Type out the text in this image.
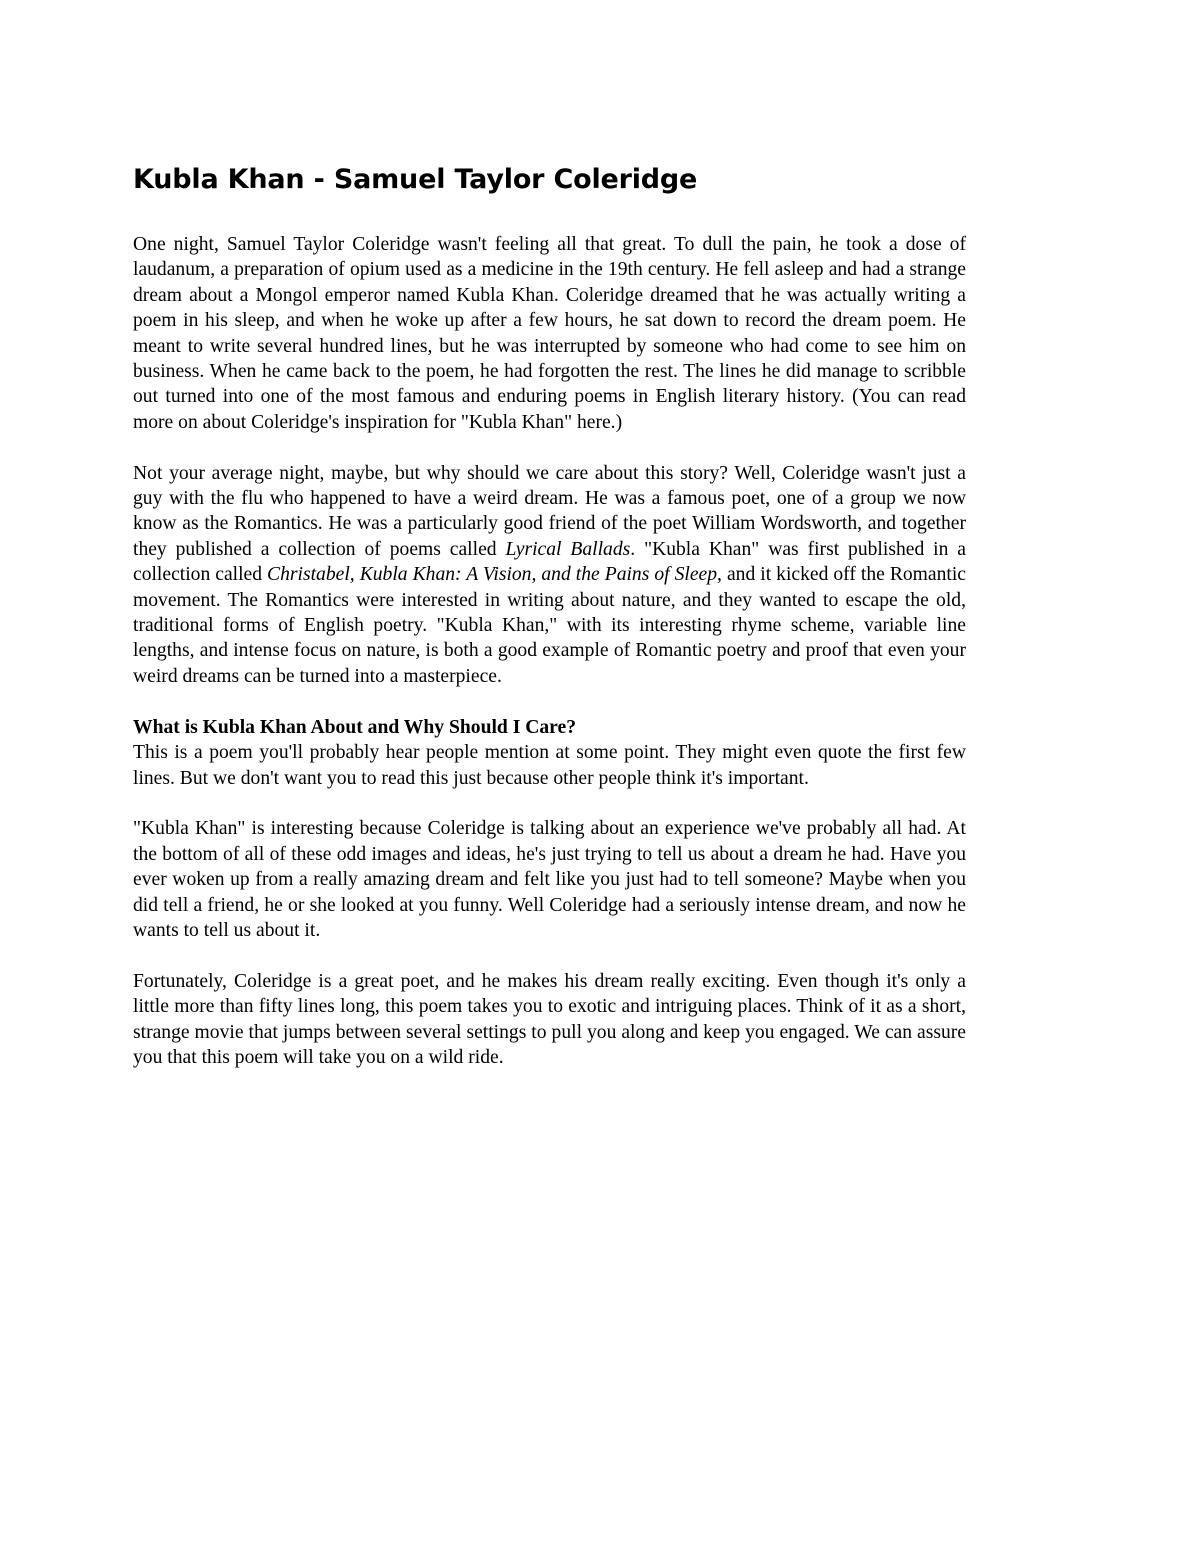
Kubla Khan - Samuel Taylor Coleridge

One night, Samuel Taylor Coleridge wasn't feeling all that great. To dull the pain, he took a dose of laudanum, a preparation of opium used as a medicine in the 19th century. He fell asleep and had a strange dream about a Mongol emperor named Kubla Khan. Coleridge dreamed that he was actually writing a poem in his sleep, and when he woke up after a few hours, he sat down to record the dream poem. He meant to write several hundred lines, but he was interrupted by someone who had come to see him on business. When he came back to the poem, he had forgotten the rest. The lines he did manage to scribble out turned into one of the most famous and enduring poems in English literary history. (You can read more on about Coleridge's inspiration for "Kubla Khan" here.)

Not your average night, maybe, but why should we care about this story? Well, Coleridge wasn't just a guy with the flu who happened to have a weird dream. He was a famous poet, one of a group we now know as the Romantics. He was a particularly good friend of the poet William Wordsworth, and together they published a collection of poems called Lyrical Ballads. "Kubla Khan" was first published in a collection called Christabel, Kubla Khan: A Vision, and the Pains of Sleep, and it kicked off the Romantic movement. The Romantics were interested in writing about nature, and they wanted to escape the old, traditional forms of English poetry. "Kubla Khan," with its interesting rhyme scheme, variable line lengths, and intense focus on nature, is both a good example of Romantic poetry and proof that even your weird dreams can be turned into a masterpiece.

What is Kubla Khan About and Why Should I Care?

This is a poem you'll probably hear people mention at some point. They might even quote the first few lines. But we don't want you to read this just because other people think it's important.

"Kubla Khan" is interesting because Coleridge is talking about an experience we've probably all had. At the bottom of all of these odd images and ideas, he's just trying to tell us about a dream he had. Have you ever woken up from a really amazing dream and felt like you just had to tell someone? Maybe when you did tell a friend, he or she looked at you funny. Well Coleridge had a seriously intense dream, and now he wants to tell us about it.

Fortunately, Coleridge is a great poet, and he makes his dream really exciting. Even though it's only a little more than fifty lines long, this poem takes you to exotic and intriguing places. Think of it as a short, strange movie that jumps between several settings to pull you along and keep you engaged. We can assure you that this poem will take you on a wild ride.
